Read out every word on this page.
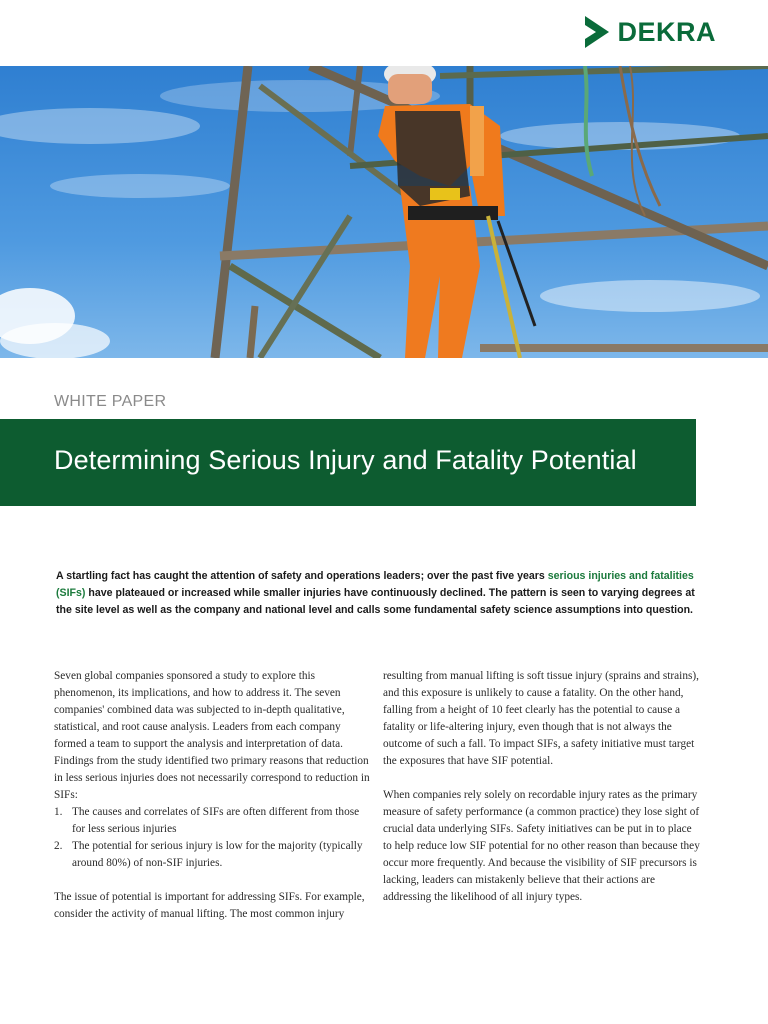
DEKRA
WHITE PAPER
Determining Serious Injury and Fatality Potential

A startling fact has caught the attention of safety and operations leaders; over the past five years serious injuries and fatalities (SIFs) have plateaued or increased while smaller injuries have continuously declined. The pattern is seen to varying degrees at the site level as well as the company and national level and calls some fundamental safety science assumptions into question.

Seven global companies sponsored a study to explore this phenomenon, its implications, and how to address it. The seven companies' combined data was subjected to in-depth qualitative, statistical, and root cause analysis. Leaders from each company formed a team to support the analysis and interpretation of data. Findings from the study identified two primary reasons that reduction in less serious injuries does not necessarily correspond to reduction in SIFs:

1. The causes and correlates of SIFs are often different from those for less serious injuries
2. The potential for serious injury is low for the majority (typically around 80%) of non-SIF injuries.

The issue of potential is important for addressing SIFs. For example, consider the activity of manual lifting. The most common injury

resulting from manual lifting is soft tissue injury (sprains and strains), and this exposure is unlikely to cause a fatality. On the other hand, falling from a height of 10 feet clearly has the potential to cause a fatality or life-altering injury, even though that is not always the outcome of such a fall. To impact SIFs, a safety initiative must target the exposures that have SIF potential.

When companies rely solely on recordable injury rates as the primary measure of safety performance (a common practice) they lose sight of crucial data underlying SIFs. Safety initiatives can be put in to place to help reduce low SIF potential for no other reason than because they occur more frequently. And because the visibility of SIF precursors is lacking, leaders can mistakenly believe that their actions are addressing the likelihood of all injury types.
